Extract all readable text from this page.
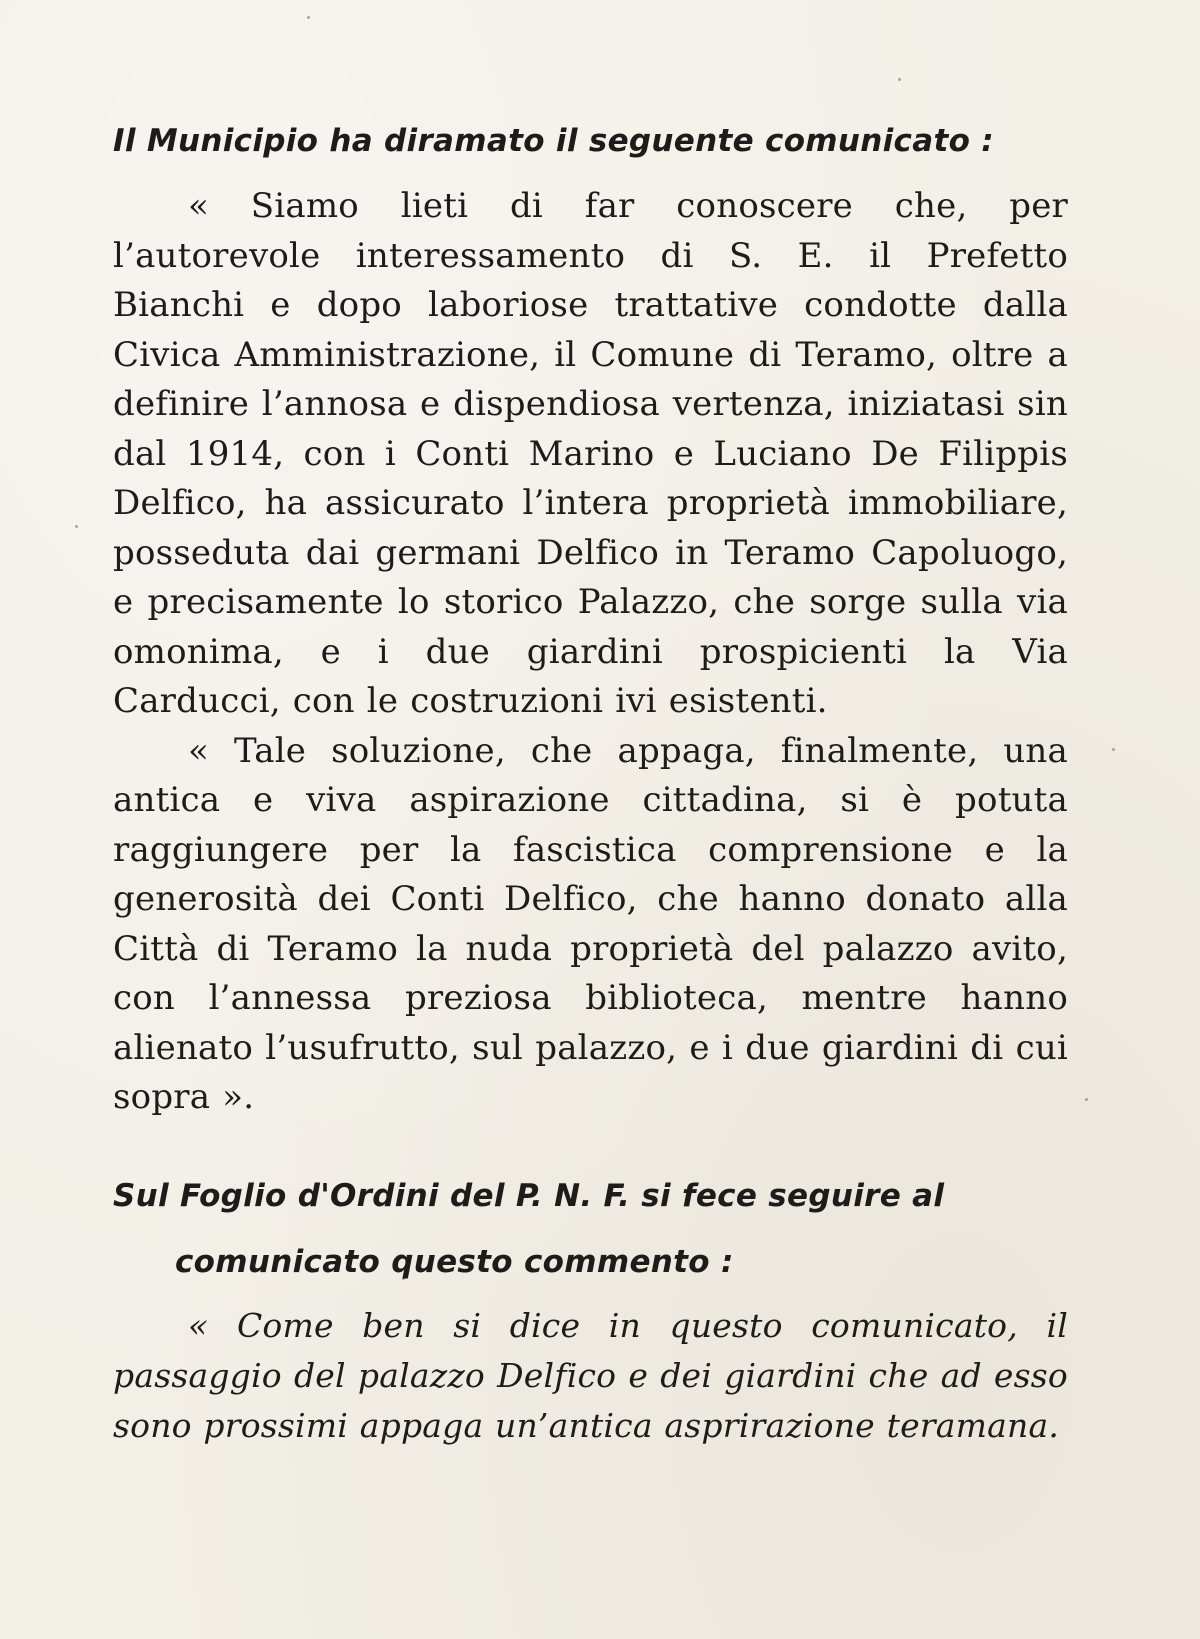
Il Municipio ha diramato il seguente comunicato :

« Siamo lieti di far conoscere che, per l’autorevole interessamento di S. E. il Prefetto Bianchi e dopo laboriose trattative condotte dalla Civica Amministrazione, il Comune di Teramo, oltre a definire l’annosa e dispendiosa vertenza, iniziatasi sin dal 1914, con i Conti Marino e Luciano De Filippis Delfico, ha assicurato l’intera proprietà immobiliare, posseduta dai germani Delfico in Teramo Capoluogo, e precisamente lo storico Palazzo, che sorge sulla via omonima, e i due giardini prospicienti la Via Carducci, con le costruzioni ivi esistenti.

« Tale soluzione, che appaga, finalmente, una antica e viva aspirazione cittadina, si è potuta raggiungere per la fascistica comprensione e la generosità dei Conti Delfico, che hanno donato alla Città di Teramo la nuda proprietà del palazzo avito, con l’annessa preziosa biblioteca, mentre hanno alienato l’usufrutto, sul palazzo, e i due giardini di cui sopra ».

Sul Foglio d'Ordini del P. N. F. si fece seguire al comunicato questo commento :

« Come ben si dice in questo comunicato, il passaggio del palazzo Delfico e dei giardini che ad esso sono prossimi appaga un’antica asprirazione teramana.
